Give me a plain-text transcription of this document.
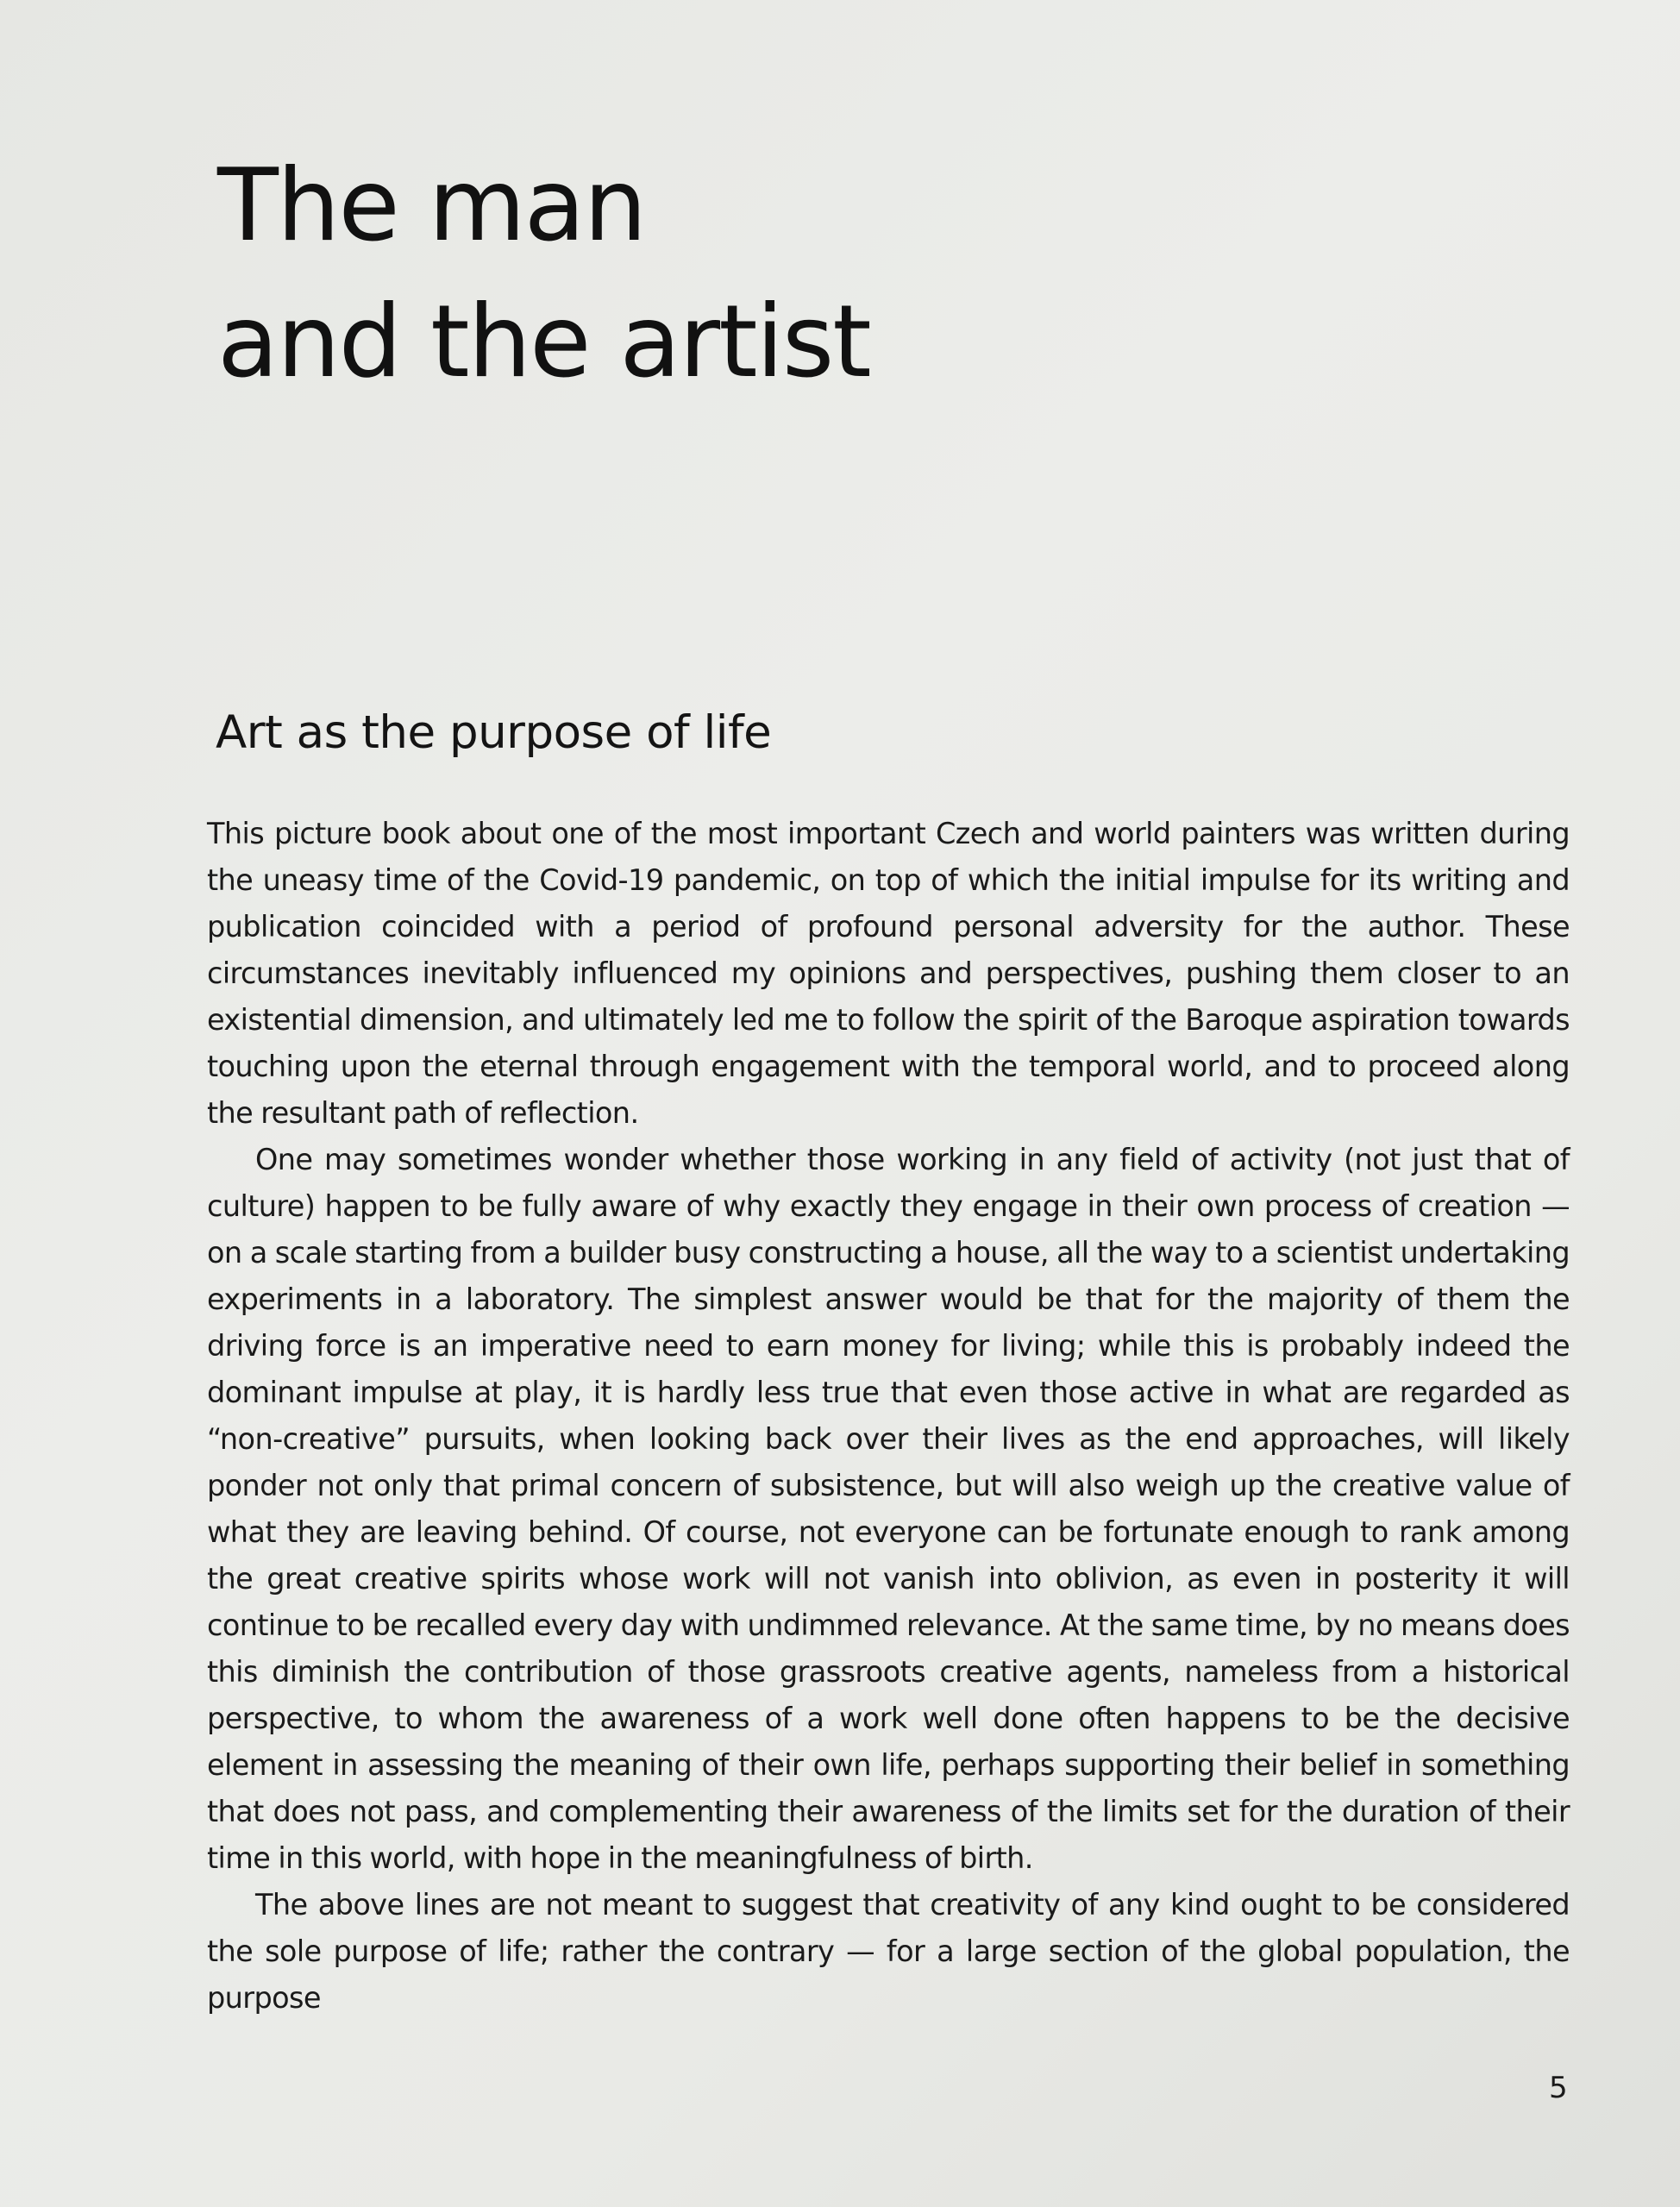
The man
and the artist
Art as the purpose of life

This picture book about one of the most important Czech and world painters was written during the uneasy time of the Covid-19 pandemic, on top of which the initial impulse for its writing and publication coincided with a period of profound personal adversity for the author. These circumstances inevitably influenced my opinions and perspectives, pushing them closer to an existential dimension, and ultimately led me to follow the spirit of the Baroque aspiration towards touching upon the eternal through engagement with the temporal world, and to proceed along the resultant path of reflection.

One may sometimes wonder whether those working in any field of activity (not just that of culture) happen to be fully aware of why exactly they engage in their own process of creation — on a scale starting from a builder busy constructing a house, all the way to a scientist undertaking experiments in a laboratory. The simplest answer would be that for the majority of them the driving force is an imperative need to earn money for living; while this is probably indeed the dominant impulse at play, it is hardly less true that even those active in what are regarded as “non-creative” pursuits, when looking back over their lives as the end approaches, will likely ponder not only that primal concern of subsistence, but will also weigh up the creative value of what they are leaving behind. Of course, not everyone can be fortunate enough to rank among the great creative spirits whose work will not vanish into oblivion, as even in posterity it will continue to be recalled every day with undimmed relevance. At the same time, by no means does this diminish the contribution of those grassroots creative agents, nameless from a historical perspective, to whom the awareness of a work well done often happens to be the decisive element in assessing the meaning of their own life, perhaps supporting their belief in something that does not pass, and complementing their awareness of the limits set for the duration of their time in this world, with hope in the meaningfulness of birth.

The above lines are not meant to suggest that creativity of any kind ought to be considered the sole purpose of life; rather the contrary — for a large section of the global population, the purpose

5
